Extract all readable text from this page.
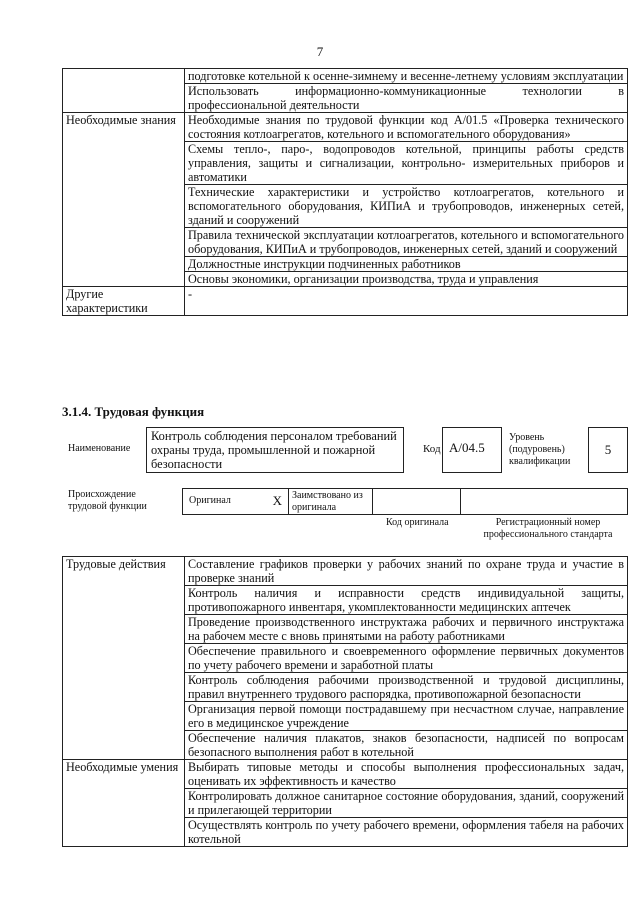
7
	подготовке котельной к осенне-зимнему и весенне-летнему условиям эксплуатации
	Использовать информационно-коммуникационные технологии в профессиональной деятельности
Необходимые знания	Необходимые знания по трудовой функции код А/01.5 «Проверка технического состояния котлоагрегатов, котельного и вспомогательного оборудования»
	Схемы тепло-, паро-, водопроводов котельной, принципы работы средств управления, защиты и сигнализации, контрольно- измерительных приборов и автоматики
	Технические характеристики и устройство котлоагрегатов, котельного и вспомогательного оборудования, КИПиА и трубопроводов, инженерных сетей, зданий и сооружений
	Правила технической эксплуатации котлоагрегатов, котельного и вспомогательного оборудования, КИПиА и трубопроводов, инженерных сетей, зданий и сооружений
	Должностные инструкции подчиненных работников
	Основы экономики, организации производства, труда и управления
Другие характеристики	-
3.1.4. Трудовая функция
Наименование
Контроль соблюдения персоналом требований охраны труда, промышленной и пожарной безопасности
Код А/04.5
Уровень (подуровень) квалификации
5
Происхождение трудовой функции
Оригинал	X	Заимствовано из оригинала
Код оригинала	Регистрационный номер профессионального стандарта
Трудовые действия	Составление графиков проверки у рабочих знаний по охране труда и участие в проверке знаний
	Контроль наличия и исправности средств индивидуальной защиты, противопожарного инвентаря, укомплектованности медицинских аптечек
	Проведение производственного инструктажа рабочих и первичного инструктажа на рабочем месте с вновь принятыми на работу работниками
	Обеспечение правильного и своевременного оформление первичных документов по учету рабочего времени и заработной платы
	Контроль соблюдения рабочими производственной и трудовой дисциплины, правил внутреннего трудового распорядка, противопожарной безопасности
	Организация первой помощи пострадавшему при несчастном случае, направление его в медицинское учреждение
	Обеспечение наличия плакатов, знаков безопасности, надписей по вопросам безопасного выполнения работ в котельной
Необходимые умения	Выбирать типовые методы и способы выполнения профессиональных задач, оценивать их эффективность и качество
	Контролировать должное санитарное состояние оборудования, зданий, сооружений и прилегающей территории
	Осуществлять контроль по учету рабочего времени, оформления табеля на рабочих котельной
